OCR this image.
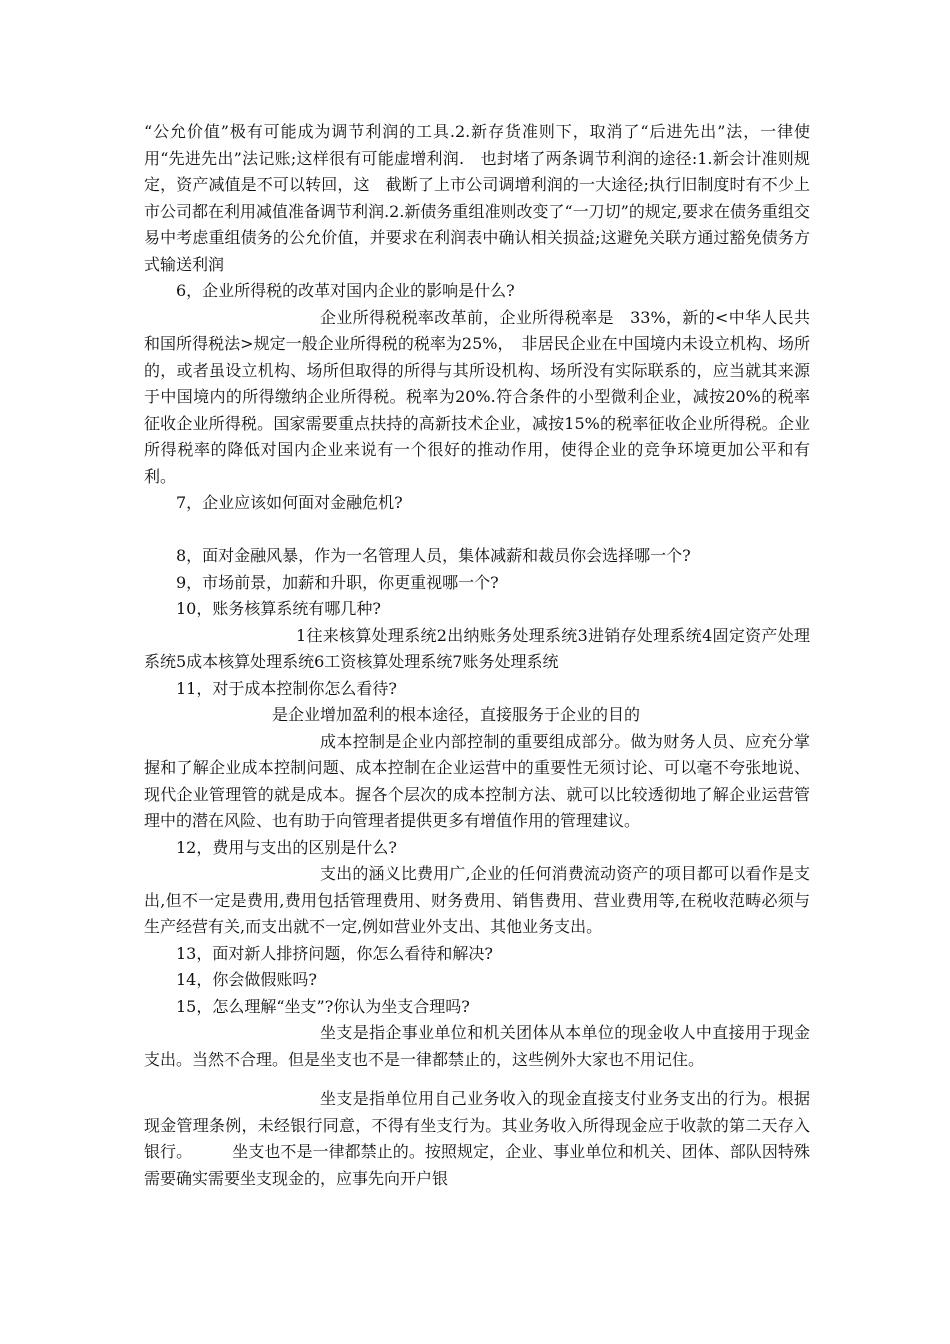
“公允价值”极有可能成为调节利润的工具.2.新存货准则下，取消了“后进先出”法，一律使用“先进先出”法记账;这样很有可能虚增利润.　也封堵了两条调节利润的途径:1.新会计准则规定，资产减值是不可以转回，这　截断了上市公司调增利润的一大途径;执行旧制度时有不少上市公司都在利用减值准备调节利润.2.新债务重组准则改变了“一刀切”的规定,要求在债务重组交易中考虑重组债务的公允价值，并要求在利润表中确认相关损益;这避免关联方通过豁免债务方式输送利润

6，企业所得税的改革对国内企业的影响是什么?

企业所得税税率改革前，企业所得税率是　33%，新的<中华人民共和国所得税法>规定一般企业所得税的税率为25%，　非居民企业在中国境内未设立机构、场所的，或者虽设立机构、场所但取得的所得与其所设机构、场所没有实际联系的，应当就其来源于中国境内的所得缴纳企业所得税。税率为20%.符合条件的小型微利企业，减按20%的税率征收企业所得税。国家需要重点扶持的高新技术企业，减按15%的税率征收企业所得税。企业所得税率的降低对国内企业来说有一个很好的推动作用，使得企业的竞争环境更加公平和有利。

7，企业应该如何面对金融危机?

8，面对金融风暴，作为一名管理人员，集体减薪和裁员你会选择哪一个?

9，市场前景，加薪和升职，你更重视哪一个?

10，账务核算系统有哪几种?

1往来核算处理系统2出纳账务处理系统3进销存处理系统4固定资产处理系统5成本核算处理系统6工资核算处理系统7账务处理系统

11，对于成本控制你怎么看待?

是企业增加盈利的根本途径，直接服务于企业的目的

成本控制是企业内部控制的重要组成部分。做为财务人员、应充分掌握和了解企业成本控制问题、成本控制在企业运营中的重要性无须讨论、可以毫不夸张地说、现代企业管理管的就是成本。握各个层次的成本控制方法、就可以比较透彻地了解企业运营管理中的潜在风险、也有助于向管理者提供更多有增值作用的管理建议。

12，费用与支出的区别是什么?

支出的涵义比费用广,企业的任何消费流动资产的项目都可以看作是支出,但不一定是费用,费用包括管理费用、财务费用、销售费用、营业费用等,在税收范畴必须与生产经营有关,而支出就不一定,例如营业外支出、其他业务支出。

13，面对新人排挤问题，你怎么看待和解决?

14，你会做假账吗?

15，怎么理解“坐支”?你认为坐支合理吗?

坐支是指企事业单位和机关团体从本单位的现金收人中直接用于现金支出。当然不合理。但是坐支也不是一律都禁止的，这些例外大家也不用记住。

坐支是指单位用自己业务收入的现金直接支付业务支出的行为。根据现金管理条例，未经银行同意，不得有坐支行为。其业务收入所得现金应于收款的第二天存入银行。　　　坐支也不是一律都禁止的。按照规定，企业、事业单位和机关、团体、部队因特殊需要确实需要坐支现金的，应事先向开户银
